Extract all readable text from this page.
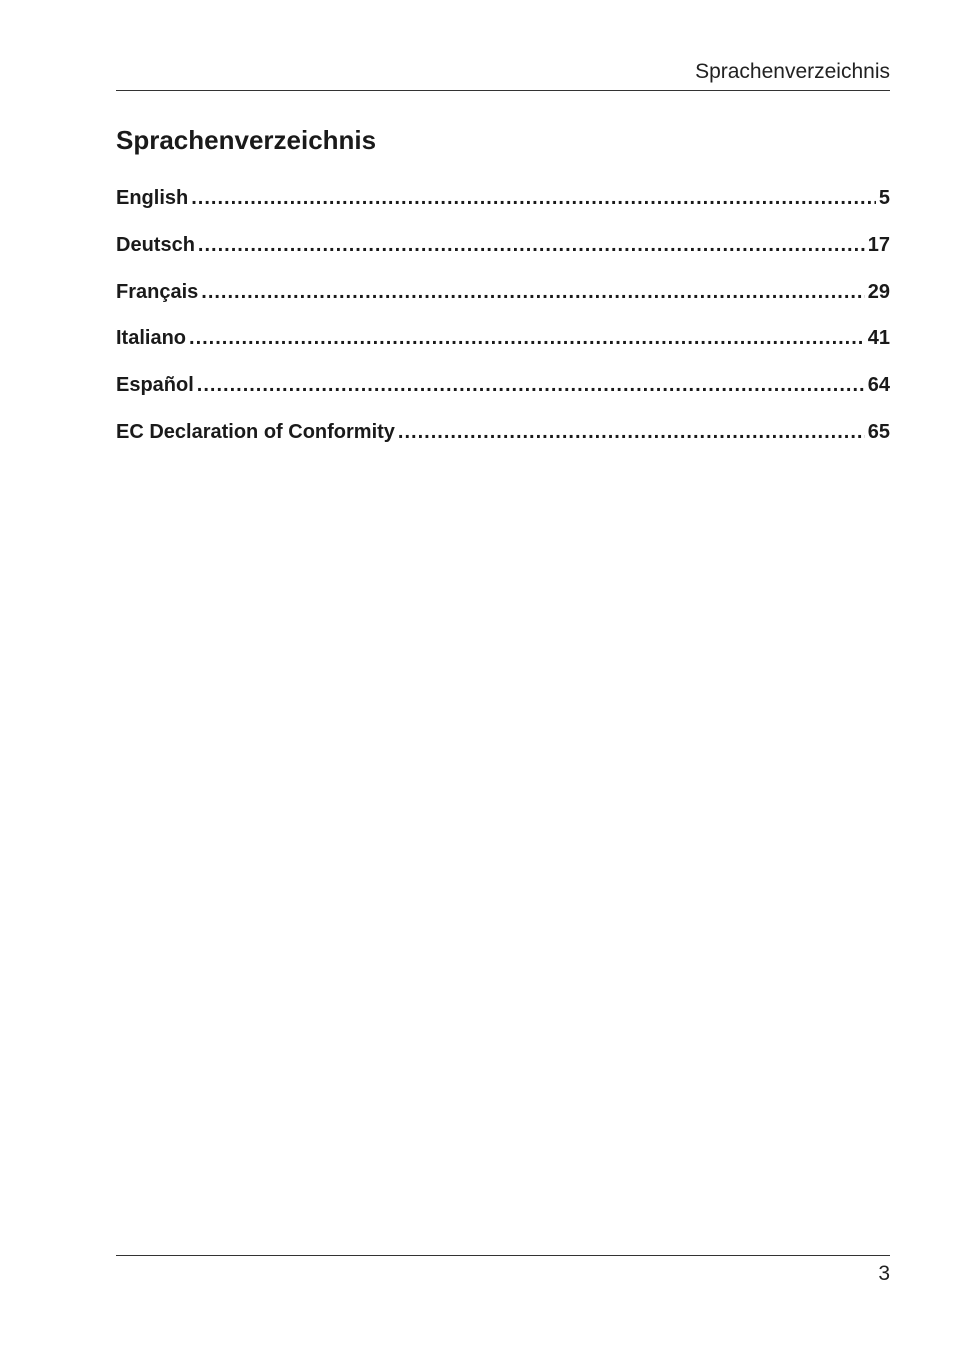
Sprachenverzeichnis
Sprachenverzeichnis
English .....	5
Deutsch .....	17
Français .....	29
Italiano .....	41
Español .....	64
EC Declaration of Conformity .....	65
3
